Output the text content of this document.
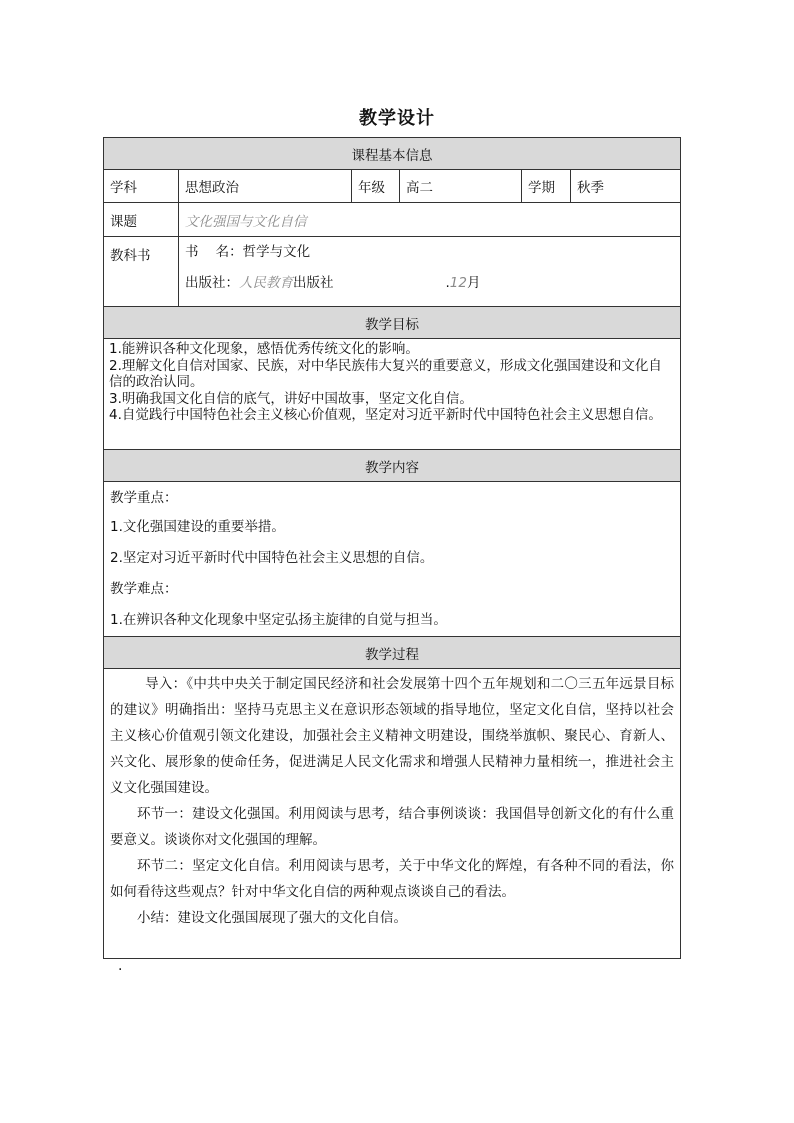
教学设计
课程基本信息					
学科	思想政治	年级	高二	学期	秋季
课题	文化强国与文化自信				
教科书	书    名：哲学与文化
出版社：人民教育出版社 .12月				

教学目标					

1.能辨识各种文化现象，感悟优秀传统文化的影响。

2.理解文化自信对国家、民族，对中华民族伟大复兴的重要意义，形成文化强国建设和文化自信的政治认同。

3.明确我国文化自信的底气，讲好中国故事，坚定文化自信。

4.自觉践行中国特色社会主义核心价值观，坚定对习近平新时代中国特色社会主义思想自信。					

教学内容					

教学重点：
1.文化强国建设的重要举措。
2.坚定对习近平新时代中国特色社会主义思想的自信。
教学难点：
1.在辨识各种文化现象中坚定弘扬主旋律的自觉与担当。					

教学过程					

导入：《中共中央关于制定国民经济和社会发展第十四个五年规划和二〇三五年远景目标的建议》明确指出：坚持马克思主义在意识形态领域的指导地位，坚定文化自信，坚持以社会主义核心价值观引领文化建设，加强社会主义精神文明建设，围绕举旗帜、聚民心、育新人、兴文化、展形象的使命任务，促进满足人民文化需求和增强人民精神力量相统一，推进社会主义文化强国建设。

环节一：建设文化强国。利用阅读与思考，结合事例谈谈：我国倡导创新文化的有什么重要意义。谈谈你对文化强国的理解。

环节二：坚定文化自信。利用阅读与思考，关于中华文化的辉煌，有各种不同的看法，你如何看待这些观点？针对中华文化自信的两种观点谈谈自己的看法。

小结：建设文化强国展现了强大的文化自信。					

.
